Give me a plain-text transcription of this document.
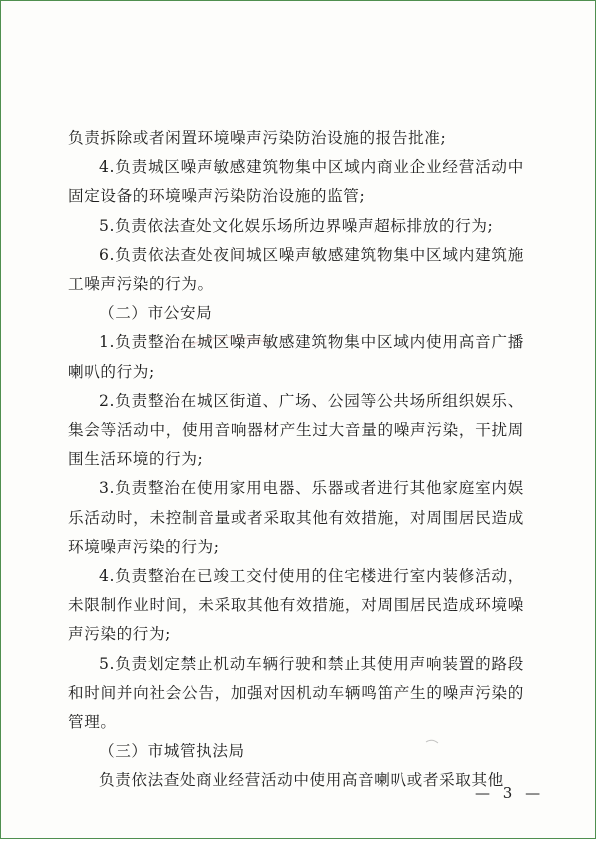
负责拆除或者闲置环境噪声污染防治设施的报告批准;

4.负责城区噪声敏感建筑物集中区域内商业企业经营活动中固定设备的环境噪声污染防治设施的监管;

5.负责依法查处文化娱乐场所边界噪声超标排放的行为;

6.负责依法查处夜间城区噪声敏感建筑物集中区域内建筑施工噪声污染的行为。

（二）市公安局

1.负责整治在城区噪声敏感建筑物集中区域内使用高音广播喇叭的行为;

2.负责整治在城区街道、广场、公园等公共场所组织娱乐、集会等活动中，使用音响器材产生过大音量的噪声污染，干扰周围生活环境的行为;

3.负责整治在使用家用电器、乐器或者进行其他家庭室内娱乐活动时，未控制音量或者采取其他有效措施，对周围居民造成环境噪声污染的行为;

4.负责整治在已竣工交付使用的住宅楼进行室内装修活动，未限制作业时间，未采取其他有效措施，对周围居民造成环境噪声污染的行为;

5.负责划定禁止机动车辆行驶和禁止其使用声响装置的路段和时间并向社会公告，加强对因机动车辆鸣笛产生的噪声污染的管理。

（三）市城管执法局

负责依法查处商业经营活动中使用高音喇叭或者采取其他

— 3 —
